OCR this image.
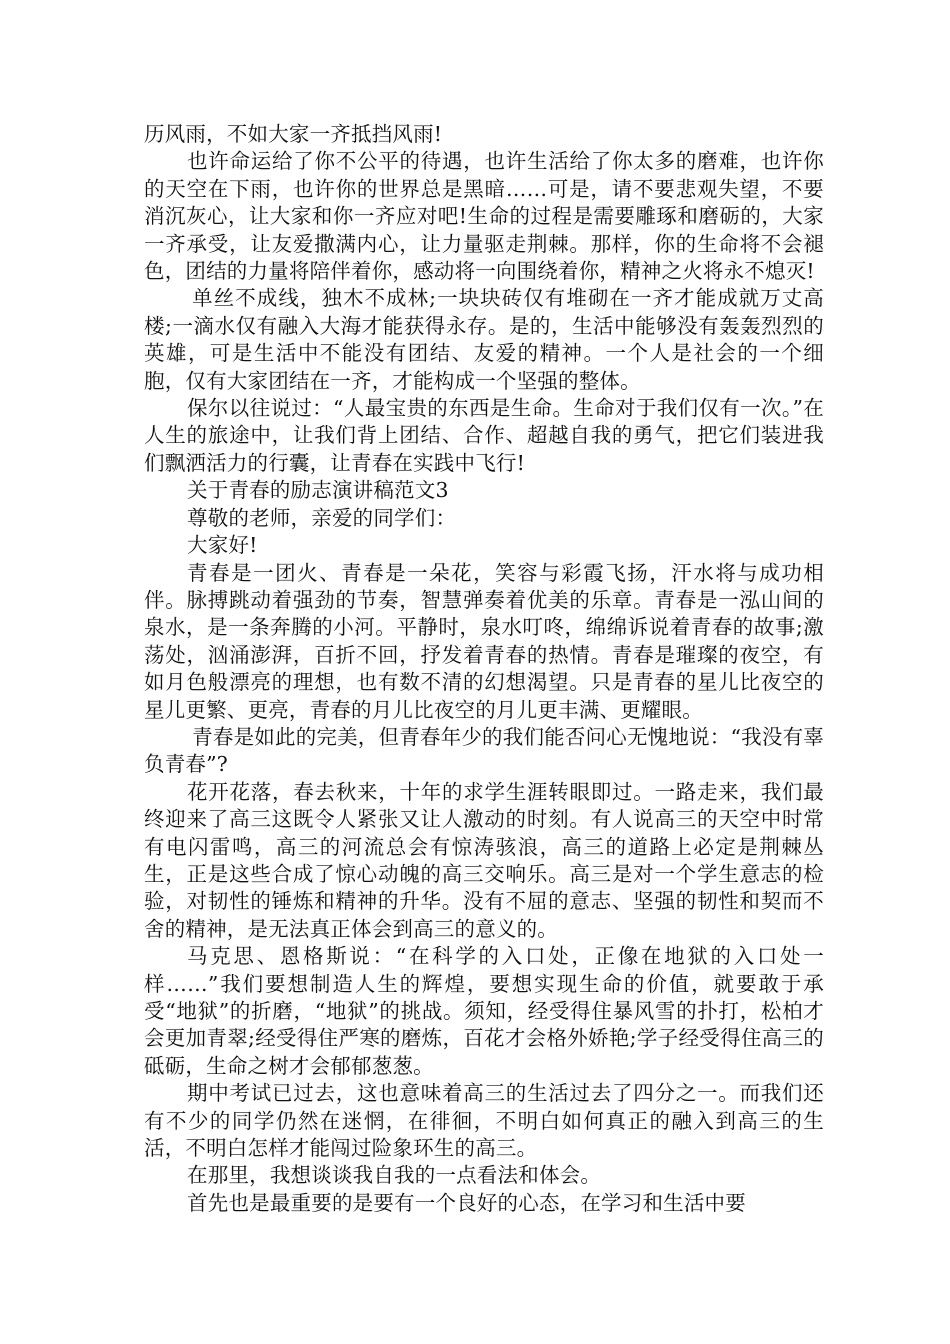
历风雨，不如大家一齐抵挡风雨!

也许命运给了你不公平的待遇，也许生活给了你太多的磨难，也许你的天空在下雨，也许你的世界总是黑暗……可是，请不要悲观失望，不要消沉灰心，让大家和你一齐应对吧!生命的过程是需要雕琢和磨砺的，大家一齐承受，让友爱撒满内心，让力量驱走荆棘。那样，你的生命将不会褪色，团结的力量将陪伴着你，感动将一向围绕着你，精神之火将永不熄灭!

单丝不成线，独木不成林;一块块砖仅有堆砌在一齐才能成就万丈高楼;一滴水仅有融入大海才能获得永存。是的，生活中能够没有轰轰烈烈的英雄，可是生活中不能没有团结、友爱的精神。一个人是社会的一个细胞，仅有大家团结在一齐，才能构成一个坚强的整体。

保尔以往说过：“人最宝贵的东西是生命。生命对于我们仅有一次。”在人生的旅途中，让我们背上团结、合作、超越自我的勇气，把它们装进我们飘洒活力的行囊，让青春在实践中飞行!

关于青春的励志演讲稿范文3

尊敬的老师，亲爱的同学们：

大家好!

青春是一团火、青春是一朵花，笑容与彩霞飞扬，汗水将与成功相伴。脉搏跳动着强劲的节奏，智慧弹奏着优美的乐章。青春是一泓山间的泉水，是一条奔腾的小河。平静时，泉水叮咚，绵绵诉说着青春的故事;激荡处，汹涌澎湃，百折不回，抒发着青春的热情。青春是璀璨的夜空，有如月色般漂亮的理想，也有数不清的幻想渴望。只是青春的星儿比夜空的星儿更繁、更亮，青春的月儿比夜空的月儿更丰满、更耀眼。

青春是如此的完美，但青春年少的我们能否问心无愧地说：“我没有辜负青春”?

花开花落，春去秋来，十年的求学生涯转眼即过。一路走来，我们最终迎来了高三这既令人紧张又让人激动的时刻。有人说高三的天空中时常有电闪雷鸣，高三的河流总会有惊涛骇浪，高三的道路上必定是荆棘丛生，正是这些合成了惊心动魄的高三交响乐。高三是对一个学生意志的检验，对韧性的锤炼和精神的升华。没有不屈的意志、坚强的韧性和契而不舍的精神，是无法真正体会到高三的意义的。

马克思、恩格斯说：“在科学的入口处，正像在地狱的入口处一样……”我们要想制造人生的辉煌，要想实现生命的价值，就要敢于承受“地狱”的折磨，“地狱”的挑战。须知，经受得住暴风雪的扑打，松柏才会更加青翠;经受得住严寒的磨炼，百花才会格外娇艳;学子经受得住高三的砥砺，生命之树才会郁郁葱葱。

期中考试已过去，这也意味着高三的生活过去了四分之一。而我们还有不少的同学仍然在迷惘，在徘徊，不明白如何真正的融入到高三的生活，不明白怎样才能闯过险象环生的高三。

在那里，我想谈谈我自我的一点看法和体会。

首先也是最重要的是要有一个良好的心态，在学习和生活中要
